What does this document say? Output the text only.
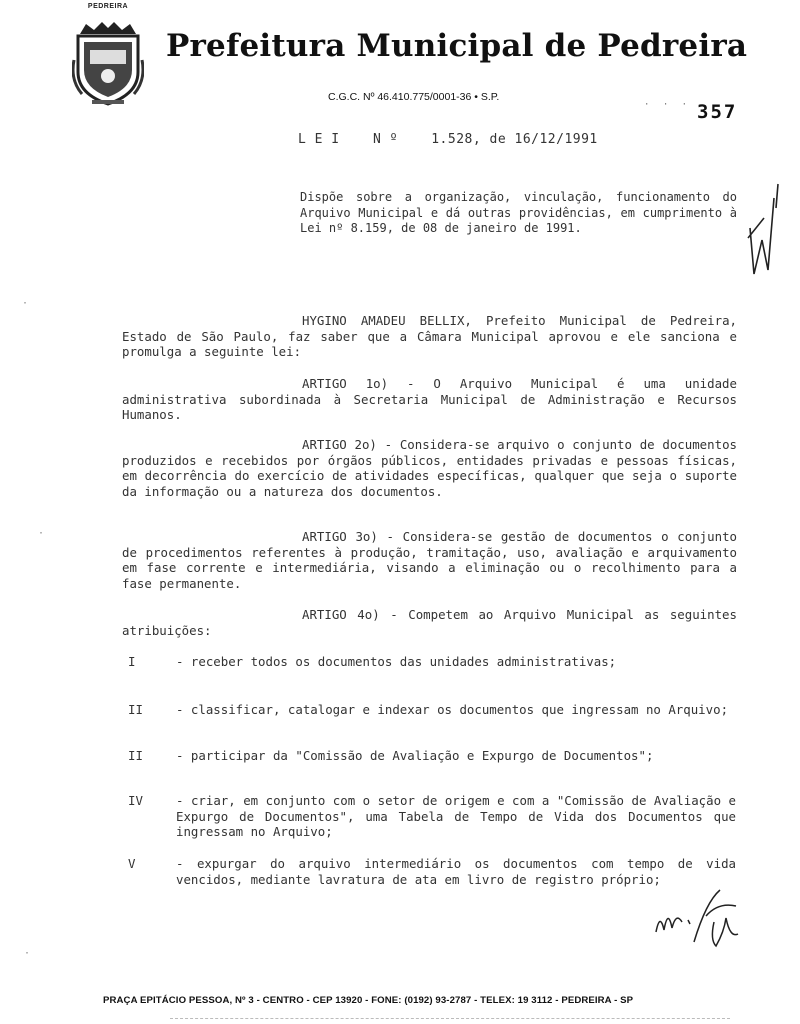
PEDREIRA
Prefeitura Municipal de Pedreira
C.G.C. Nº 46.410.775/0001-36 • S.P.
· · · 357
L E I    N º    1.528, de 16/12/1991
Dispõe sobre a organização, vinculação, funcionamento do Arquivo Municipal e dá outras providências, em cumprimento à Lei nº 8.159, de 08 de janeiro de 1991.
HYGINO AMADEU BELLIX, Prefeito Municipal de Pedreira, Estado de São Paulo, faz saber que a Câmara Municipal aprovou e ele sanciona e promulga a seguinte lei:
ARTIGO 1o) - O Arquivo Municipal é uma unidade administrativa subordinada à Secretaria Municipal de Administração e Recursos Humanos.
ARTIGO 2o) - Considera-se arquivo o conjunto de documentos produzidos e recebidos por órgãos públicos, entidades privadas e pessoas físicas, em decorrência do exercício de atividades específicas, qualquer que seja o suporte da informação ou a natureza dos documentos.
ARTIGO 3o) - Considera-se gestão de documentos o conjunto de procedimentos referentes à produção, tramitação, uso, avaliação e arquivamento em fase corrente e intermediária, visando a eliminação ou o recolhimento para a fase permanente.
ARTIGO 4o) - Competem ao Arquivo Municipal as seguintes atribuições:
I	- receber todos os documentos das unidades administrativas;
II	- classificar, catalogar e indexar os documentos que ingressam no Arquivo;
II	- participar da "Comissão de Avaliação e Expurgo de Documentos";
IV	- criar, em conjunto com o setor de origem e com a "Comissão de Avaliação e Expurgo de Documentos", uma Tabela de Tempo de Vida dos Documentos que ingressam no Arquivo;
V	- expurgar do arquivo intermediário os documentos com tempo de vida vencidos, mediante lavratura de ata em livro de registro próprio;
·
·
·
PRAÇA EPITÁCIO PESSOA, Nº 3 - CENTRO - CEP 13920 - FONE: (0192) 93-2787 - TELEX: 19 3112 - PEDREIRA - SP
